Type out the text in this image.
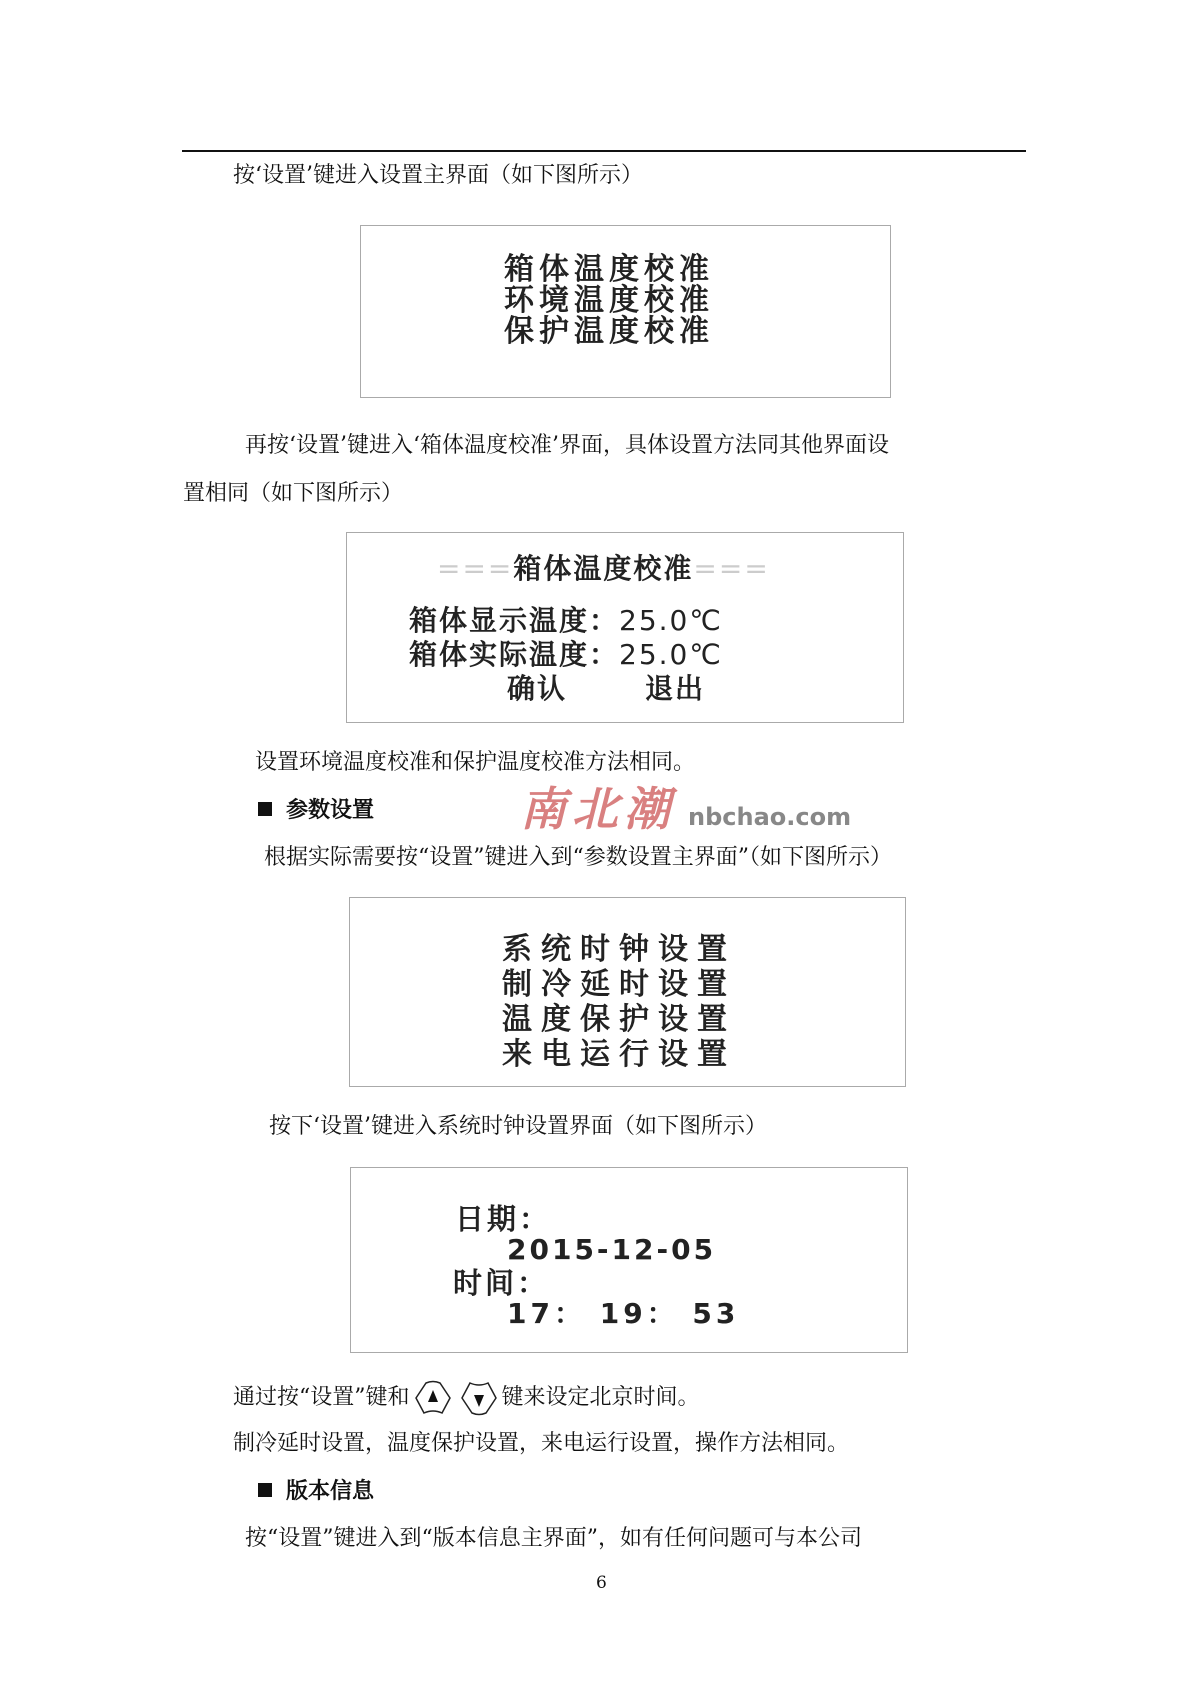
按‘设置’键进入设置主界面（如下图所示）
箱体温度校准
环境温度校准
保护温度校准
再按‘设置’键进入‘箱体温度校准’界面，具体设置方法同其他界面设
置相同（如下图所示）
===箱体温度校准===
箱体显示温度：25.0℃
箱体实际温度：25.0℃
确认	退出
设置环境温度校准和保护温度校准方法相同。
参数设置	南北潮 nbchao.com
根据实际需要按“设置”键进入到“参数设置主界面”（如下图所示）
系统时钟设置
制冷延时设置
温度保护设置
来电运行设置
按下‘设置’键进入系统时钟设置界面（如下图所示）
日期：
2015-12-05
时间：
17： 19： 53
通过按“设置”键和	键来设定北京时间。
制冷延时设置，温度保护设置，来电运行设置，操作方法相同。
版本信息
按“设置”键进入到“版本信息主界面”，如有任何问题可与本公司
6
